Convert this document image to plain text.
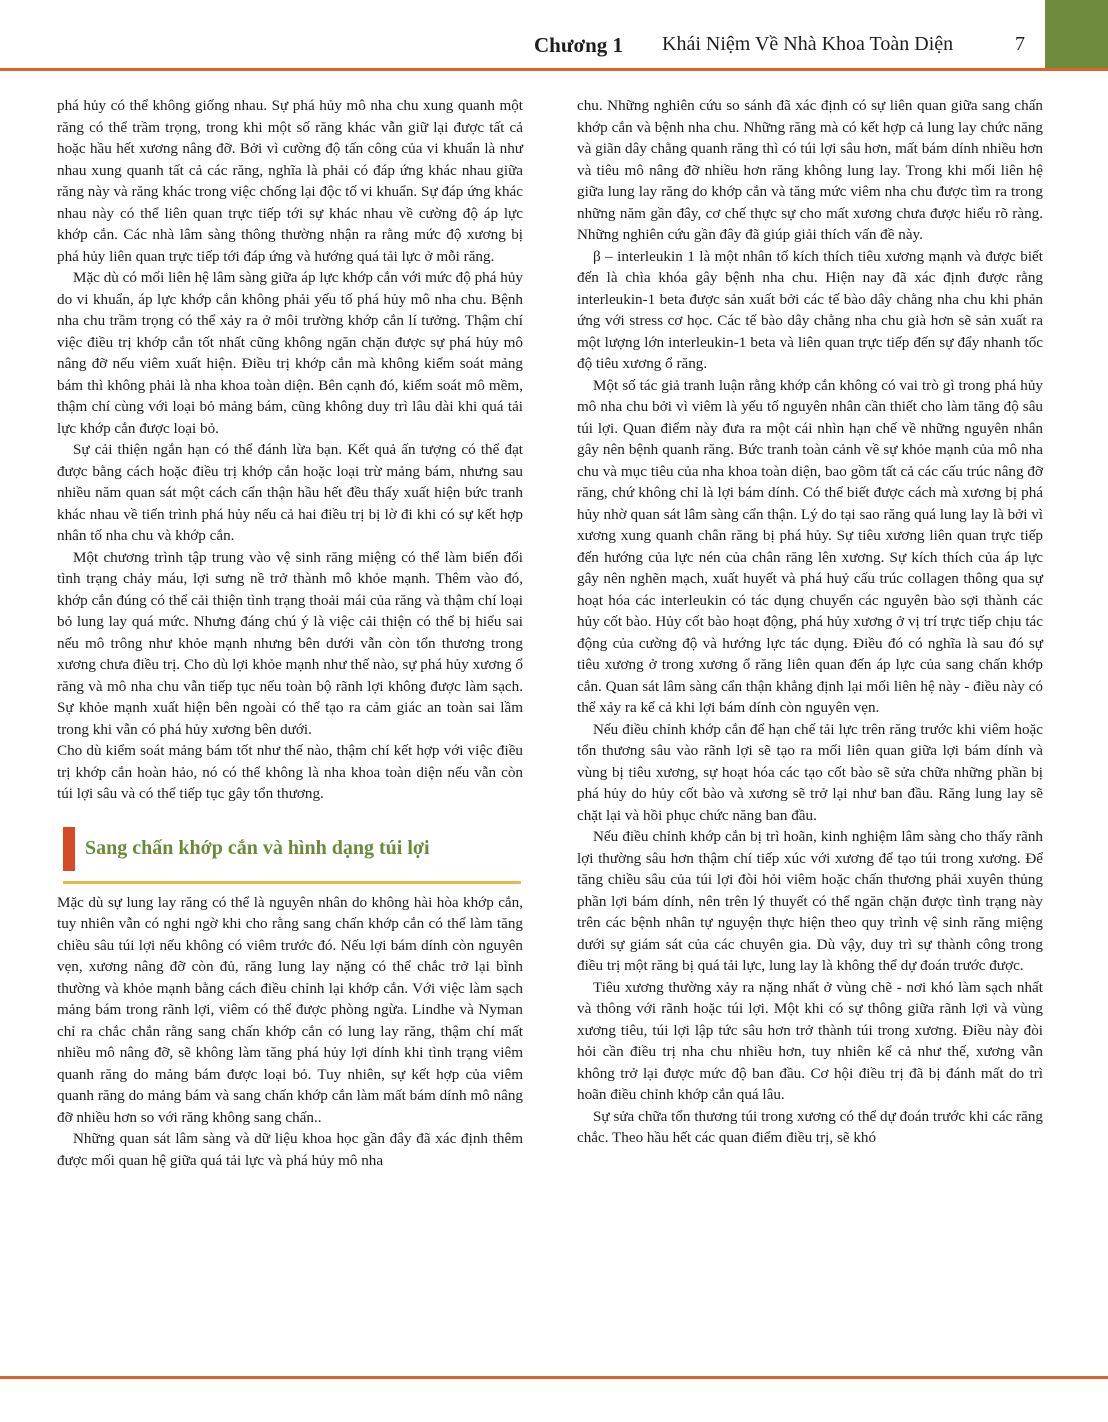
Chương 1 Khái Niệm Về Nhà Khoa Toàn Diện	7

phá hủy có thể không giống nhau. Sự phá hủy mô nha chu xung quanh một răng có thể trầm trọng, trong khi một số răng khác vẫn giữ lại được tất cả hoặc hầu hết xương nâng đỡ. Bởi vì cường độ tấn công của vi khuẩn là như nhau xung quanh tất cả các răng, nghĩa là phải có đáp ứng khác nhau giữa răng này và răng khác trong việc chống lại độc tố vi khuẩn. Sự đáp ứng khác nhau này có thể liên quan trực tiếp tới sự khác nhau về cường độ áp lực khớp cắn. Các nhà lâm sàng thông thường nhận ra rằng mức độ xương bị phá hủy liên quan trực tiếp tới đáp ứng và hướng quá tải lực ở mỗi răng.

Mặc dù có mối liên hệ lâm sàng giữa áp lực khớp cắn với mức độ phá hủy do vi khuẩn, áp lực khớp cắn không phải yếu tố phá hủy mô nha chu. Bệnh nha chu trầm trọng có thể xảy ra ở môi trường khớp cắn lí tưởng. Thậm chí việc điều trị khớp cắn tốt nhất cũng không ngăn chặn được sự phá hủy mô nâng đỡ nếu viêm xuất hiện. Điều trị khớp cắn mà không kiểm soát mảng bám thì không phải là nha khoa toàn diện. Bên cạnh đó, kiểm soát mô mềm, thậm chí cùng với loại bỏ mảng bám, cũng không duy trì lâu dài khi quá tải lực khớp cắn được loại bỏ.

Sự cải thiện ngắn hạn có thể đánh lừa bạn. Kết quả ấn tượng có thể đạt được bằng cách hoặc điều trị khớp cắn hoặc loại trừ mảng bám, nhưng sau nhiều năm quan sát một cách cẩn thận hầu hết đều thấy xuất hiện bức tranh khác nhau về tiến trình phá hủy nếu cả hai điều trị bị lờ đi khi có sự kết hợp nhân tố nha chu và khớp cắn.

Một chương trình tập trung vào vệ sinh răng miệng có thể làm biến đổi tình trạng chảy máu, lợi sưng nề trở thành mô khỏe mạnh. Thêm vào đó, khớp cắn đúng có thể cải thiện tình trạng thoải mái của răng và thậm chí loại bỏ lung lay quá mức. Nhưng đáng chú ý là việc cải thiện có thể bị hiểu sai nếu mô trông như khỏe mạnh nhưng bên dưới vẫn còn tổn thương trong xương chưa điều trị. Cho dù lợi khỏe mạnh như thế nào, sự phá hủy xương ổ răng và mô nha chu vẫn tiếp tục nếu toàn bộ rãnh lợi không được làm sạch. Sự khỏe mạnh xuất hiện bên ngoài có thể tạo ra cảm giác an toàn sai lầm trong khi vẫn có phá hủy xương bên dưới.

Cho dù kiểm soát mảng bám tốt như thế nào, thậm chí kết hợp với việc điều trị khớp cắn hoàn hảo, nó có thể không là nha khoa toàn diện nếu vẫn còn túi lợi sâu và có thể tiếp tục gây tổn thương.

Sang chấn khớp cắn và hình dạng túi lợi

Mặc dù sự lung lay răng có thể là nguyên nhân do không hài hòa khớp cắn, tuy nhiên vẫn có nghi ngờ khi cho rằng sang chấn khớp cắn có thể làm tăng chiều sâu túi lợi nếu không có viêm trước đó. Nếu lợi bám dính còn nguyên vẹn, xương nâng đỡ còn đủ, răng lung lay nặng có thể chắc trở lại bình thường và khỏe mạnh bằng cách điều chỉnh lại khớp cắn. Với việc làm sạch mảng bám trong rãnh lợi, viêm có thể được phòng ngừa. Lindhe và Nyman chỉ ra chắc chắn rằng sang chấn khớp cắn có lung lay răng, thậm chí mất nhiều mô nâng đỡ, sẽ không làm tăng phá hủy lợi dính khi tình trạng viêm quanh răng do mảng bám được loại bỏ. Tuy nhiên, sự kết hợp của viêm quanh răng do mảng bám và sang chấn khớp cắn làm mất bám dính mô nâng đỡ nhiều hơn so với răng không sang chấn..

Những quan sát lâm sàng và dữ liệu khoa học gần đây đã xác định thêm được mối quan hệ giữa quá tải lực và phá hủy mô nha

chu. Những nghiên cứu so sánh đã xác định có sự liên quan giữa sang chấn khớp cắn và bệnh nha chu. Những răng mà có kết hợp cả lung lay chức năng và giãn dây chằng quanh răng thì có túi lợi sâu hơn, mất bám dính nhiều hơn và tiêu mô nâng đỡ nhiều hơn răng không lung lay. Trong khi mối liên hệ giữa lung lay răng do khớp cắn và tăng mức viêm nha chu được tìm ra trong những năm gần đây, cơ chế thực sự cho mất xương chưa được hiểu rõ ràng. Những nghiên cứu gần đây đã giúp giải thích vấn đề này.

β – interleukin 1 là một nhân tố kích thích tiêu xương mạnh và được biết đến là chìa khóa gây bệnh nha chu. Hiện nay đã xác định được rằng interleukin-1 beta được sản xuất bởi các tế bào dây chằng nha chu khi phản ứng với stress cơ học. Các tế bào dây chằng nha chu già hơn sẽ sản xuất ra một lượng lớn interleukin-1 beta và liên quan trực tiếp đến sự đẩy nhanh tốc độ tiêu xương ổ răng.

Một số tác giả tranh luận rằng khớp cắn không có vai trò gì trong phá hủy mô nha chu bởi vì viêm là yếu tố nguyên nhân cần thiết cho làm tăng độ sâu túi lợi. Quan điểm này đưa ra một cái nhìn hạn chế về những nguyên nhân gây nên bệnh quanh răng. Bức tranh toàn cảnh về sự khỏe mạnh của mô nha chu và mục tiêu của nha khoa toàn diện, bao gồm tất cả các cấu trúc nâng đỡ răng, chứ không chỉ là lợi bám dính. Có thể biết được cách mà xương bị phá hủy nhờ quan sát lâm sàng cẩn thận. Lý do tại sao răng quá lung lay là bởi vì xương xung quanh chân răng bị phá hủy. Sự tiêu xương liên quan trực tiếp đến hướng của lực nén của chân răng lên xương. Sự kích thích của áp lực gây nên nghẽn mạch, xuất huyết và phá huỷ cấu trúc collagen thông qua sự hoạt hóa các interleukin có tác dụng chuyển các nguyên bào sợi thành các hủy cốt bào. Hủy cốt bào hoạt động, phá hủy xương ở vị trí trực tiếp chịu tác động của cường độ và hướng lực tác dụng. Điều đó có nghĩa là sau đó sự tiêu xương ở trong xương ổ răng liên quan đến áp lực của sang chấn khớp cắn. Quan sát lâm sàng cẩn thận khẳng định lại mối liên hệ này - điều này có thể xảy ra kể cả khi lợi bám dính còn nguyên vẹn.

Nếu điều chỉnh khớp cắn để hạn chế tải lực trên răng trước khi viêm hoặc tổn thương sâu vào rãnh lợi sẽ tạo ra mối liên quan giữa lợi bám dính và vùng bị tiêu xương, sự hoạt hóa các tạo cốt bào sẽ sửa chữa những phần bị phá hủy do hủy cốt bào và xương sẽ trở lại như ban đầu. Răng lung lay sẽ chặt lại và hồi phục chức năng ban đầu.

Nếu điều chỉnh khớp cắn bị trì hoãn, kinh nghiệm lâm sàng cho thấy rãnh lợi thường sâu hơn thậm chí tiếp xúc với xương để tạo túi trong xương. Để tăng chiều sâu của túi lợi đòi hỏi viêm hoặc chấn thương phải xuyên thủng phần lợi bám dính, nên trên lý thuyết có thể ngăn chặn được tình trạng này trên các bệnh nhân tự nguyện thực hiện theo quy trình vệ sinh răng miệng dưới sự giám sát của các chuyên gia. Dù vậy, duy trì sự thành công trong điều trị một răng bị quá tải lực, lung lay là không thể dự đoán trước được.

Tiêu xương thường xảy ra nặng nhất ở vùng chẽ - nơi khó làm sạch nhất và thông với rãnh hoặc túi lợi. Một khi có sự thông giữa rãnh lợi và vùng xương tiêu, túi lợi lập tức sâu hơn trở thành túi trong xương. Điều này đòi hỏi cần điều trị nha chu nhiều hơn, tuy nhiên kể cả như thế, xương vẫn không trở lại được mức độ ban đầu. Cơ hội điều trị đã bị đánh mất do trì hoãn điều chỉnh khớp cắn quá lâu.

Sự sửa chữa tổn thương túi trong xương có thể dự đoán trước khi các răng chắc. Theo hầu hết các quan điểm điều trị, sẽ khó
